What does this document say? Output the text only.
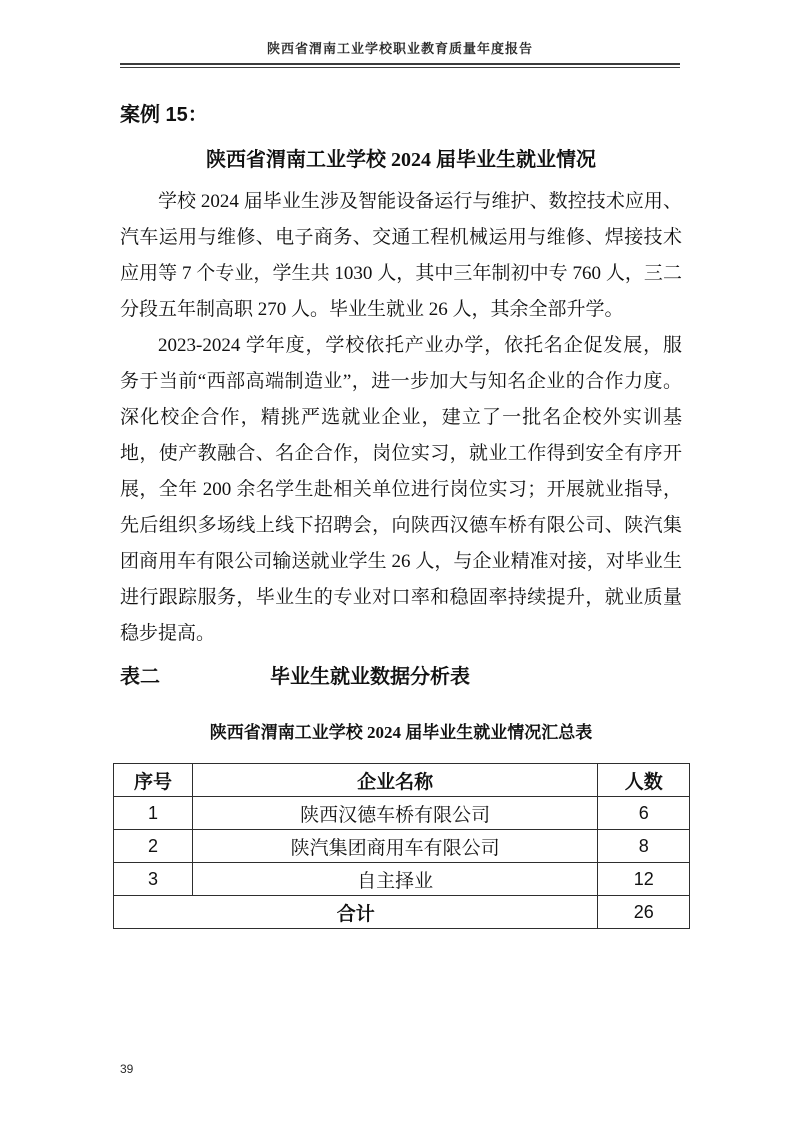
陕西省渭南工业学校职业教育质量年度报告
案例 15：
陕西省渭南工业学校 2024 届毕业生就业情况

学校 2024 届毕业生涉及智能设备运行与维护、数控技术应用、汽车运用与维修、电子商务、交通工程机械运用与维修、焊接技术应用等 7 个专业，学生共 1030 人，其中三年制初中专 760 人，三二分段五年制高职 270 人。毕业生就业 26 人，其余全部升学。

2023-2024 学年度，学校依托产业办学，依托名企促发展，服务于当前“西部高端制造业”，进一步加大与知名企业的合作力度。深化校企合作，精挑严选就业企业，建立了一批名企校外实训基地，使产教融合、名企合作，岗位实习，就业工作得到安全有序开展，全年 200 余名学生赴相关单位进行岗位实习；开展就业指导，先后组织多场线上线下招聘会，向陕西汉德车桥有限公司、陕汽集团商用车有限公司输送就业学生 26 人，与企业精准对接，对毕业生进行跟踪服务，毕业生的专业对口率和稳固率持续提升，就业质量稳步提高。

表二	毕业生就业数据分析表
陕西省渭南工业学校 2024 届毕业生就业情况汇总表
序号	企业名称	人数
1	陕西汉德车桥有限公司	6
2	陕汽集团商用车有限公司	8
3	自主择业	12
合计		26
39
